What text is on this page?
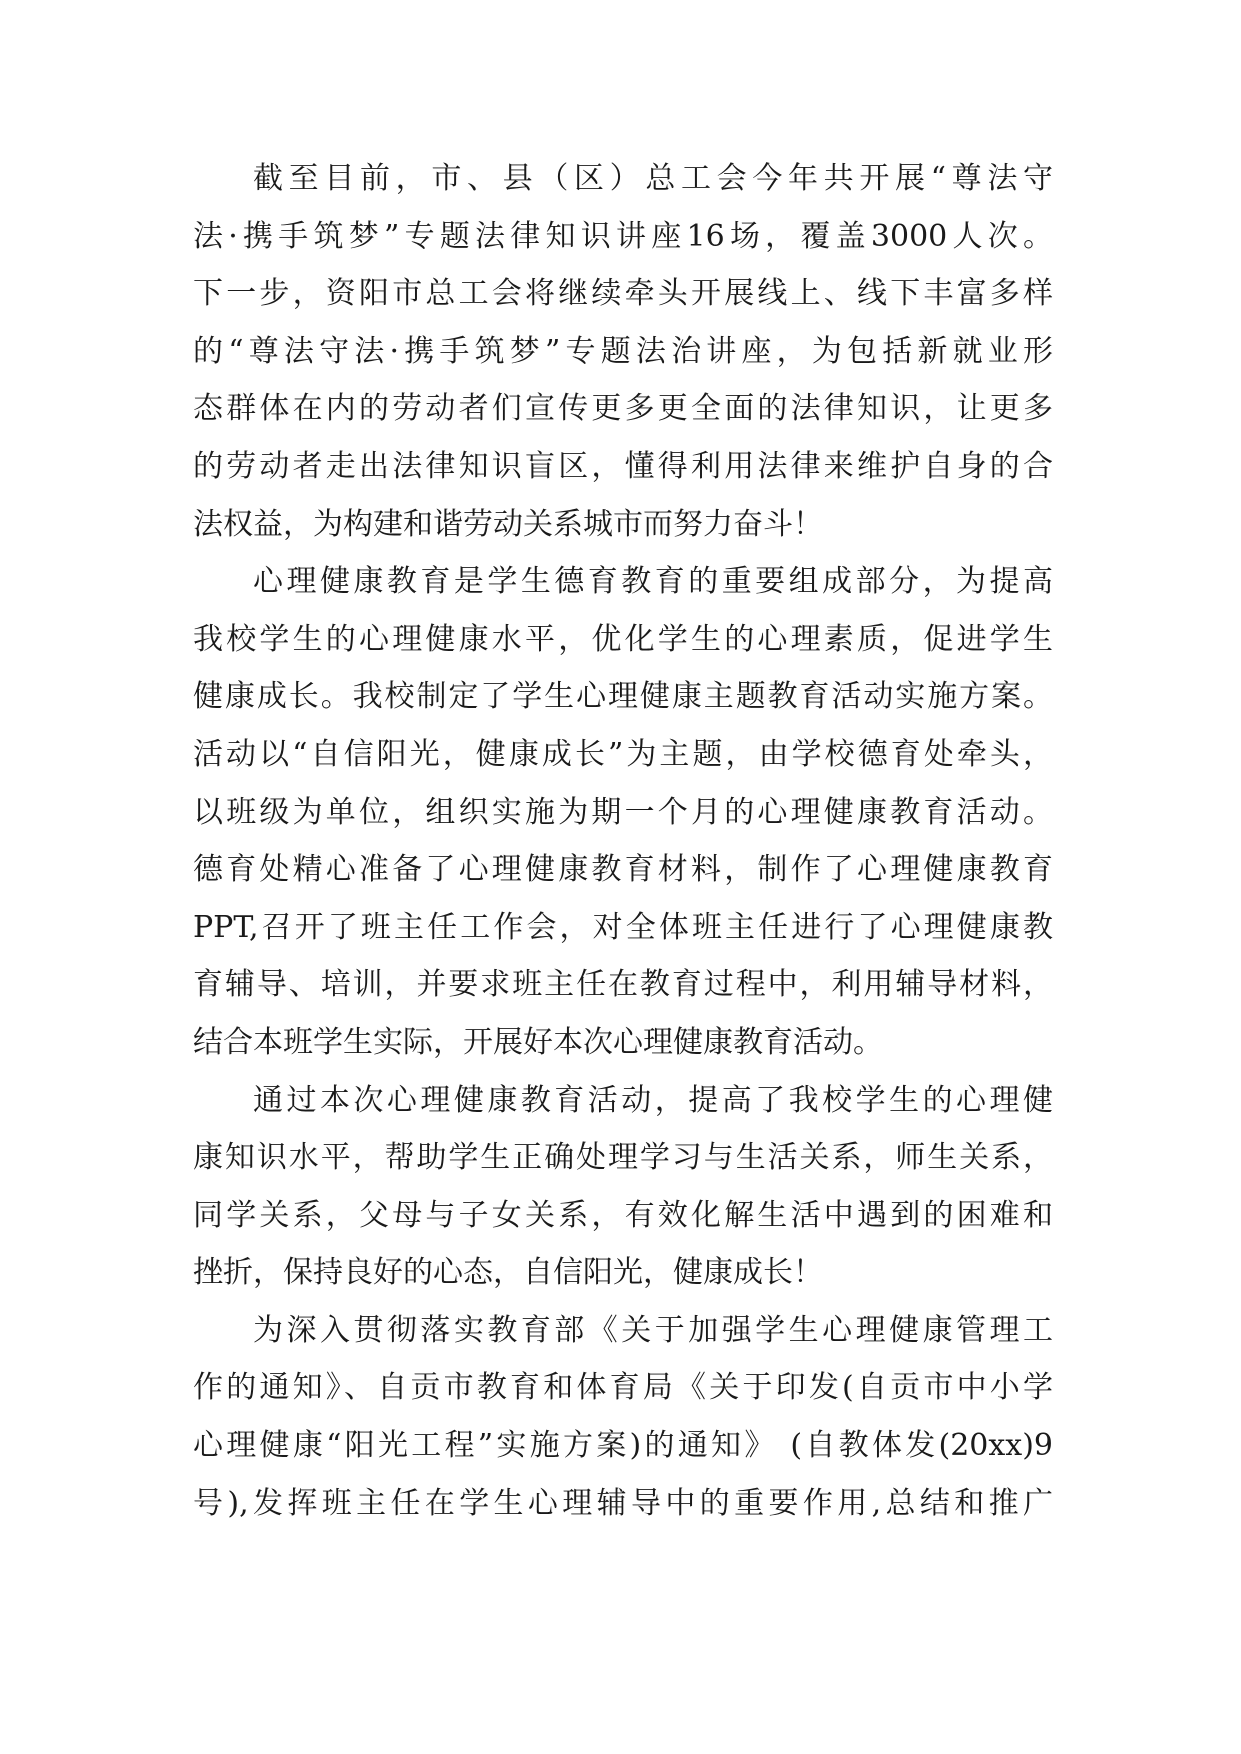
截至目前，市、县（区）总工会今年共开展“尊法守
法·携手筑梦”专题法律知识讲座16场，覆盖3000人次。
下一步，资阳市总工会将继续牵头开展线上、线下丰富多样
的“尊法守法·携手筑梦”专题法治讲座，为包括新就业形
态群体在内的劳动者们宣传更多更全面的法律知识，让更多
的劳动者走出法律知识盲区，懂得利用法律来维护自身的合
法权益，为构建和谐劳动关系城市而努力奋斗！
心理健康教育是学生德育教育的重要组成部分，为提高
我校学生的心理健康水平，优化学生的心理素质，促进学生
健康成长。我校制定了学生心理健康主题教育活动实施方案。
活动以“自信阳光，健康成长”为主题，由学校德育处牵头，
以班级为单位，组织实施为期一个月的心理健康教育活动。
德育处精心准备了心理健康教育材料，制作了心理健康教育
PPT,召开了班主任工作会，对全体班主任进行了心理健康教
育辅导、培训，并要求班主任在教育过程中，利用辅导材料，
结合本班学生实际，开展好本次心理健康教育活动。
通过本次心理健康教育活动，提高了我校学生的心理健
康知识水平，帮助学生正确处理学习与生活关系，师生关系，
同学关系，父母与子女关系，有效化解生活中遇到的困难和
挫折，保持良好的心态，自信阳光，健康成长！
为深入贯彻落实教育部《关于加强学生心理健康管理工
作的通知》、自贡市教育和体育局《关于印发(自贡市中小学
心理健康“阳光工程”实施方案)的通知》 (自教体发(20xx)9
号),发挥班主任在学生心理辅导中的重要作用,总结和推广
